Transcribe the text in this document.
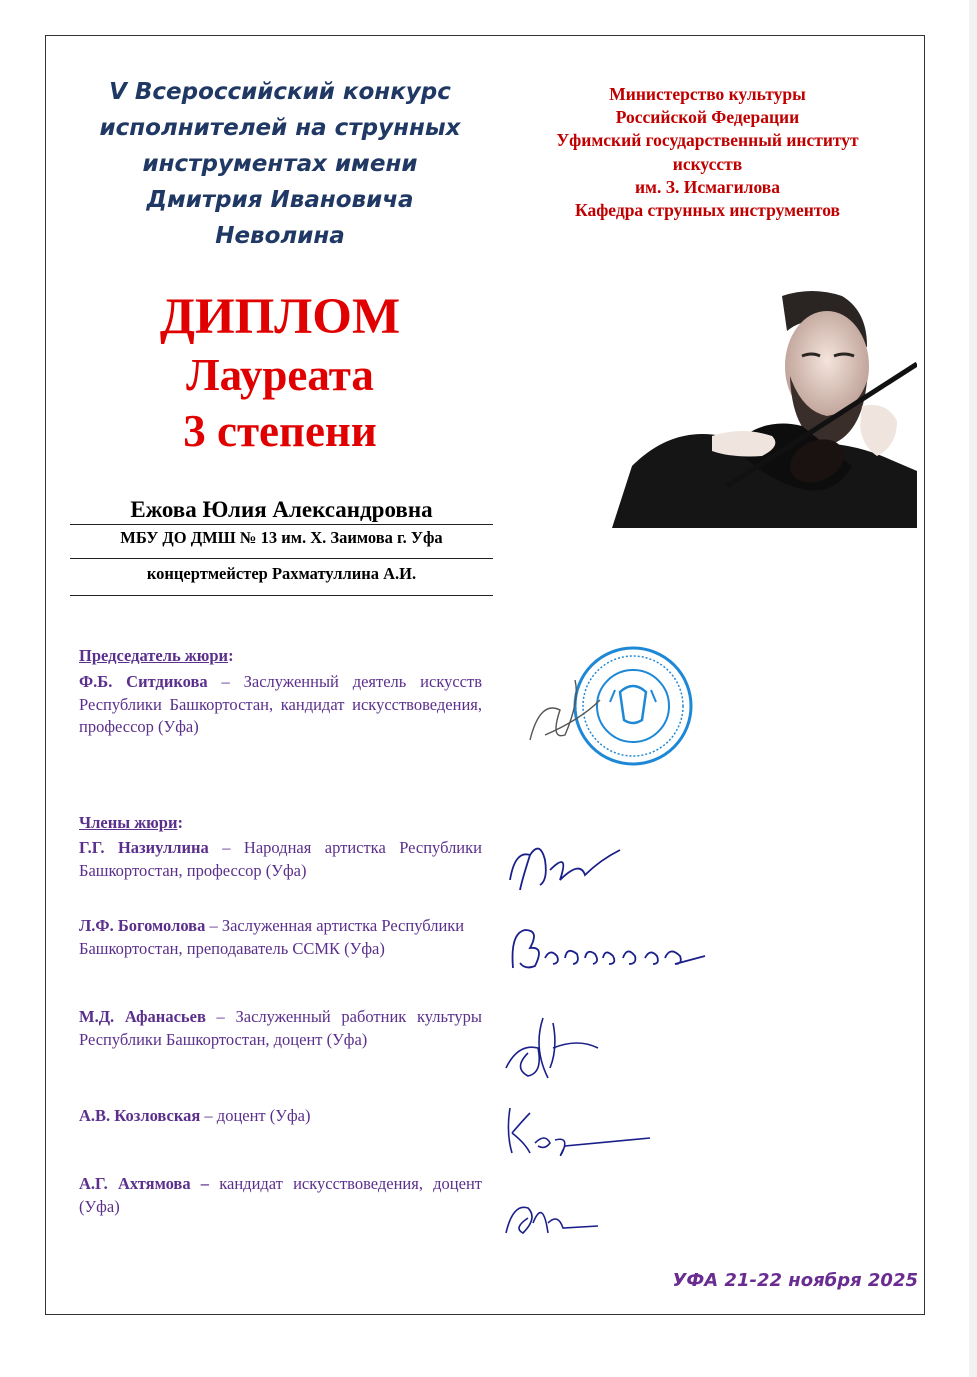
V Всероссийский конкурс
исполнителей на струнных
инструментах имени
Дмитрия Ивановича
Неволина
Министерство культуры
Российской Федерации
Уфимский государственный институт
искусств
им. З. Исмагилова
Кафедра струнных инструментов
ДИПЛОМ
Лауреата
3 степени
Ежова Юлия Александровна
МБУ ДО ДМШ № 13 им. Х. Заимова г. Уфа
концертмейстер Рахматуллина А.И.
Председатель жюри:
Ф.Б. Ситдикова – Заслуженный деятель искусств Республики Башкортостан, кандидат искусствоведения, профессор (Уфа)
Члены жюри:
Г.Г. Назиуллина – Народная артистка Республики Башкортостан, профессор (Уфа)
Л.Ф. Богомолова – Заслуженная артистка Республики Башкортостан, преподаватель ССМК (Уфа)
М.Д. Афанасьев – Заслуженный работник культуры Республики Башкортостан, доцент (Уфа)
А.В. Козловская – доцент (Уфа)
А.Г. Ахтямова – кандидат искусствоведения, доцент (Уфа)
УФА 21-22 ноября 2025
